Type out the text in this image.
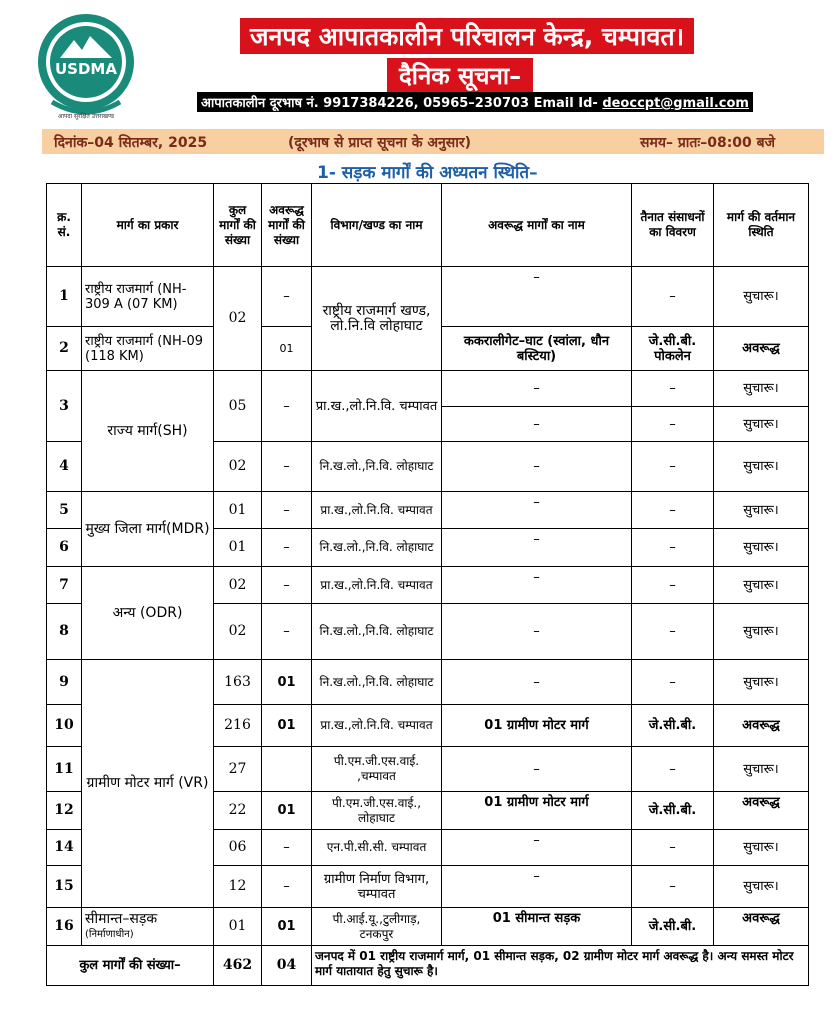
USDMA
आपदा सुरक्षित उत्तराखण्ड
जनपद आपातकालीन परिचालन केन्द्र, चम्पावत।
दैनिक सूचना–
आपातकालीन दूरभाष नं. 9917384226, 05965–230703 Email Id- deoccpt@gmail.com
दिनांक–04 सितम्बर, 2025	(दूरभाष से प्राप्त सूचना के अनुसार)	समय– प्रातः–08:00 बजे
1- सड़क मार्गों की अध्यतन स्थिति–
क्र. सं.	मार्ग का प्रकार	कुल मार्गों की संख्या	अवरूद्ध मार्गों की संख्या	विभाग/खण्ड का नाम	अवरूद्ध मार्गों का नाम	तैनात संसाधनों का विवरण	मार्ग की वर्तमान स्थिति
1	राष्ट्रीय राजमार्ग (NH-309 A (07 KM)	02	–	राष्ट्रीय राजमार्ग खण्ड, लो.नि.वि लोहाघाट	–	–	सुचारू।
2	राष्ट्रीय राजमार्ग (NH-09 (118 KM)		01		ककरालीगेट–घाट (स्वांला, धौन बस्टिया)	जे.सी.बी. पोकलेन	अवरूद्ध
3	राज्य मार्ग(SH)	05	–	प्रा.ख.,लो.नि.वि. चम्पावत	–	–	सुचारू।
					–	–	सुचारू।
4		02	–	नि.ख.लो.,नि.वि. लोहाघाट	–	–	सुचारू।
5	मुख्य जिला मार्ग(MDR)	01	–	प्रा.ख.,लो.नि.वि. चम्पावत	–	–	सुचारू।
6		01	–	नि.ख.लो.,नि.वि. लोहाघाट	–	–	सुचारू।
7	अन्य (ODR)	02	–	प्रा.ख.,लो.नि.वि. चम्पावत	–	–	सुचारू।
8		02	–	नि.ख.लो.,नि.वि. लोहाघाट	–	–	सुचारू।
9	ग्रामीण मोटर मार्ग (VR)	163	01	नि.ख.लो.,नि.वि. लोहाघाट	–	–	सुचारू।
10		216	01	प्रा.ख.,लो.नि.वि. चम्पावत	01 ग्रामीण मोटर मार्ग	जे.सी.बी.	अवरूद्ध
11		27		पी.एम.जी.एस.वाई. ,चम्पावत	–	–	सुचारू।
12		22	01	पी.एम.जी.एस.वाई., लोहाघाट	01 ग्रामीण मोटर मार्ग	जे.सी.बी.	अवरूद्ध
14		06	–	एन.पी.सी.सी. चम्पावत	–	–	सुचारू।
15		12	–	ग्रामीण निर्माण विभाग, चम्पावत	–	–	सुचारू।
16	सीमान्त–सड़क
(निर्माणाधीन)	01	01	पी.आई.यू.,टुलीगाड़, टनकपुर	01 सीमान्त सड़क	जे.सी.बी.	अवरूद्ध
कुल मार्गों की संख्या–		462	04	जनपद में 01 राष्ट्रीय राजमार्ग मार्ग, 01 सीमान्त सड़क, 02 ग्रामीण मोटर मार्ग अवरूद्ध है। अन्य समस्त मोटर मार्ग यातायात हेतु सुचारू है।			
